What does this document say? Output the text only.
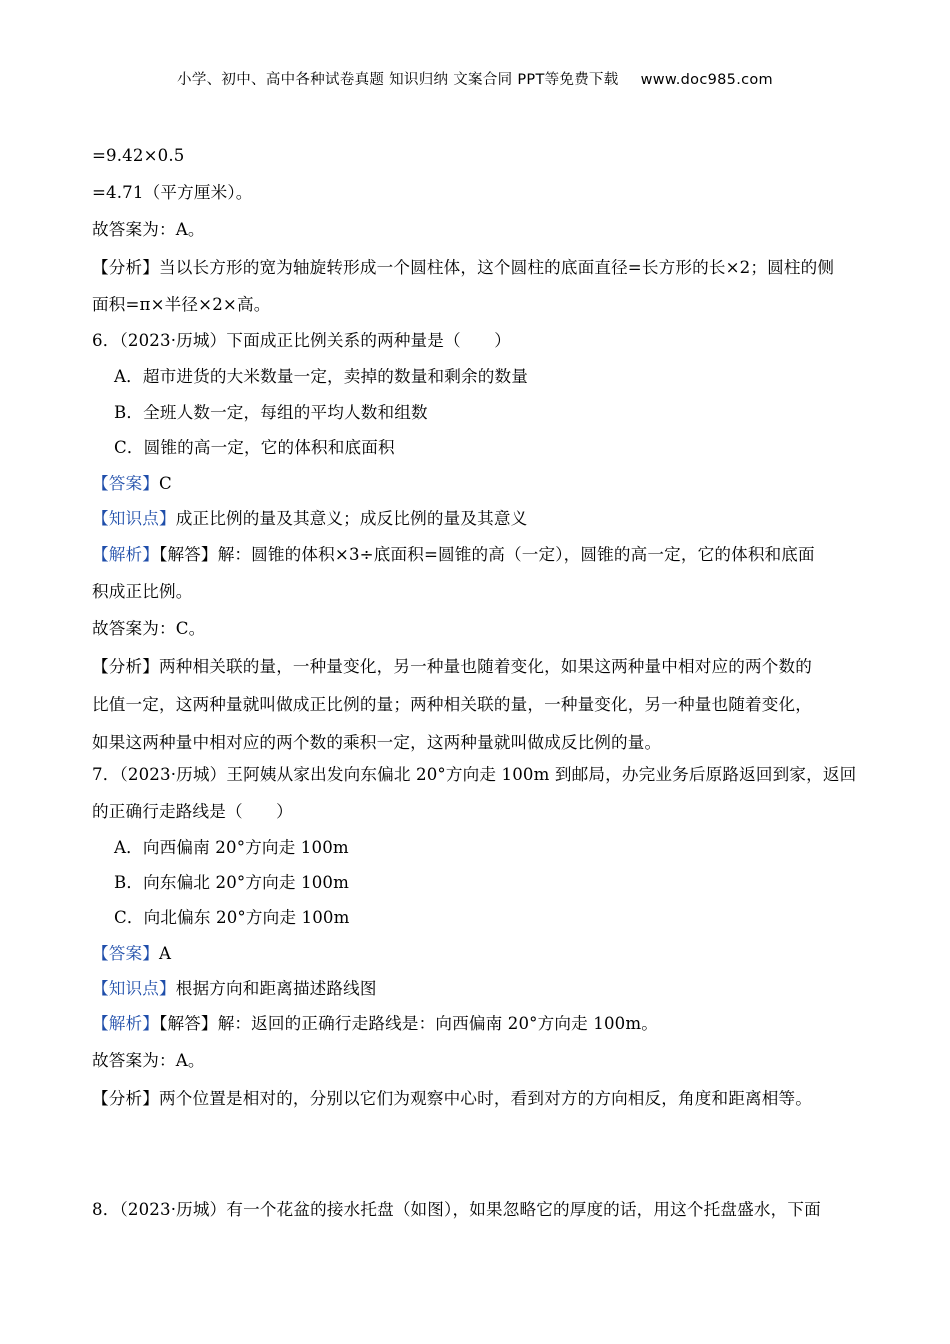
小学、初中、高中各种试卷真题 知识归纳 文案合同 PPT等免费下载 www.doc985.com
=9.42×0.5
=4.71（平方厘米）。
故答案为：A。
【分析】当以长方形的宽为轴旋转形成一个圆柱体，这个圆柱的底面直径=长方形的长×2；圆柱的侧
面积=π×半径×2×高。
6．（2023·历城）下面成正比例关系的两种量是（　　）
A．超市进货的大米数量一定，卖掉的数量和剩余的数量
B．全班人数一定，每组的平均人数和组数
C．圆锥的高一定，它的体积和底面积
【答案】C
【知识点】成正比例的量及其意义；成反比例的量及其意义
【解析】【解答】解：圆锥的体积×3÷底面积=圆锥的高（一定），圆锥的高一定，它的体积和底面
积成正比例。
故答案为：C。
【分析】两种相关联的量，一种量变化，另一种量也随着变化，如果这两种量中相对应的两个数的
比值一定，这两种量就叫做成正比例的量；两种相关联的量，一种量变化，另一种量也随着变化，
如果这两种量中相对应的两个数的乘积一定，这两种量就叫做成反比例的量。
7．（2023·历城）王阿姨从家出发向东偏北 20°方向走 100m 到邮局，办完业务后原路返回到家，返回
的正确行走路线是（　　）
A．向西偏南 20°方向走 100m
B．向东偏北 20°方向走 100m
C．向北偏东 20°方向走 100m
【答案】A
【知识点】根据方向和距离描述路线图
【解析】【解答】解：返回的正确行走路线是：向西偏南 20°方向走 100m。
故答案为：A。
【分析】两个位置是相对的，分别以它们为观察中心时，看到对方的方向相反，角度和距离相等。
8．（2023·历城）有一个花盆的接水托盘（如图），如果忽略它的厚度的话，用这个托盘盛水，下面
